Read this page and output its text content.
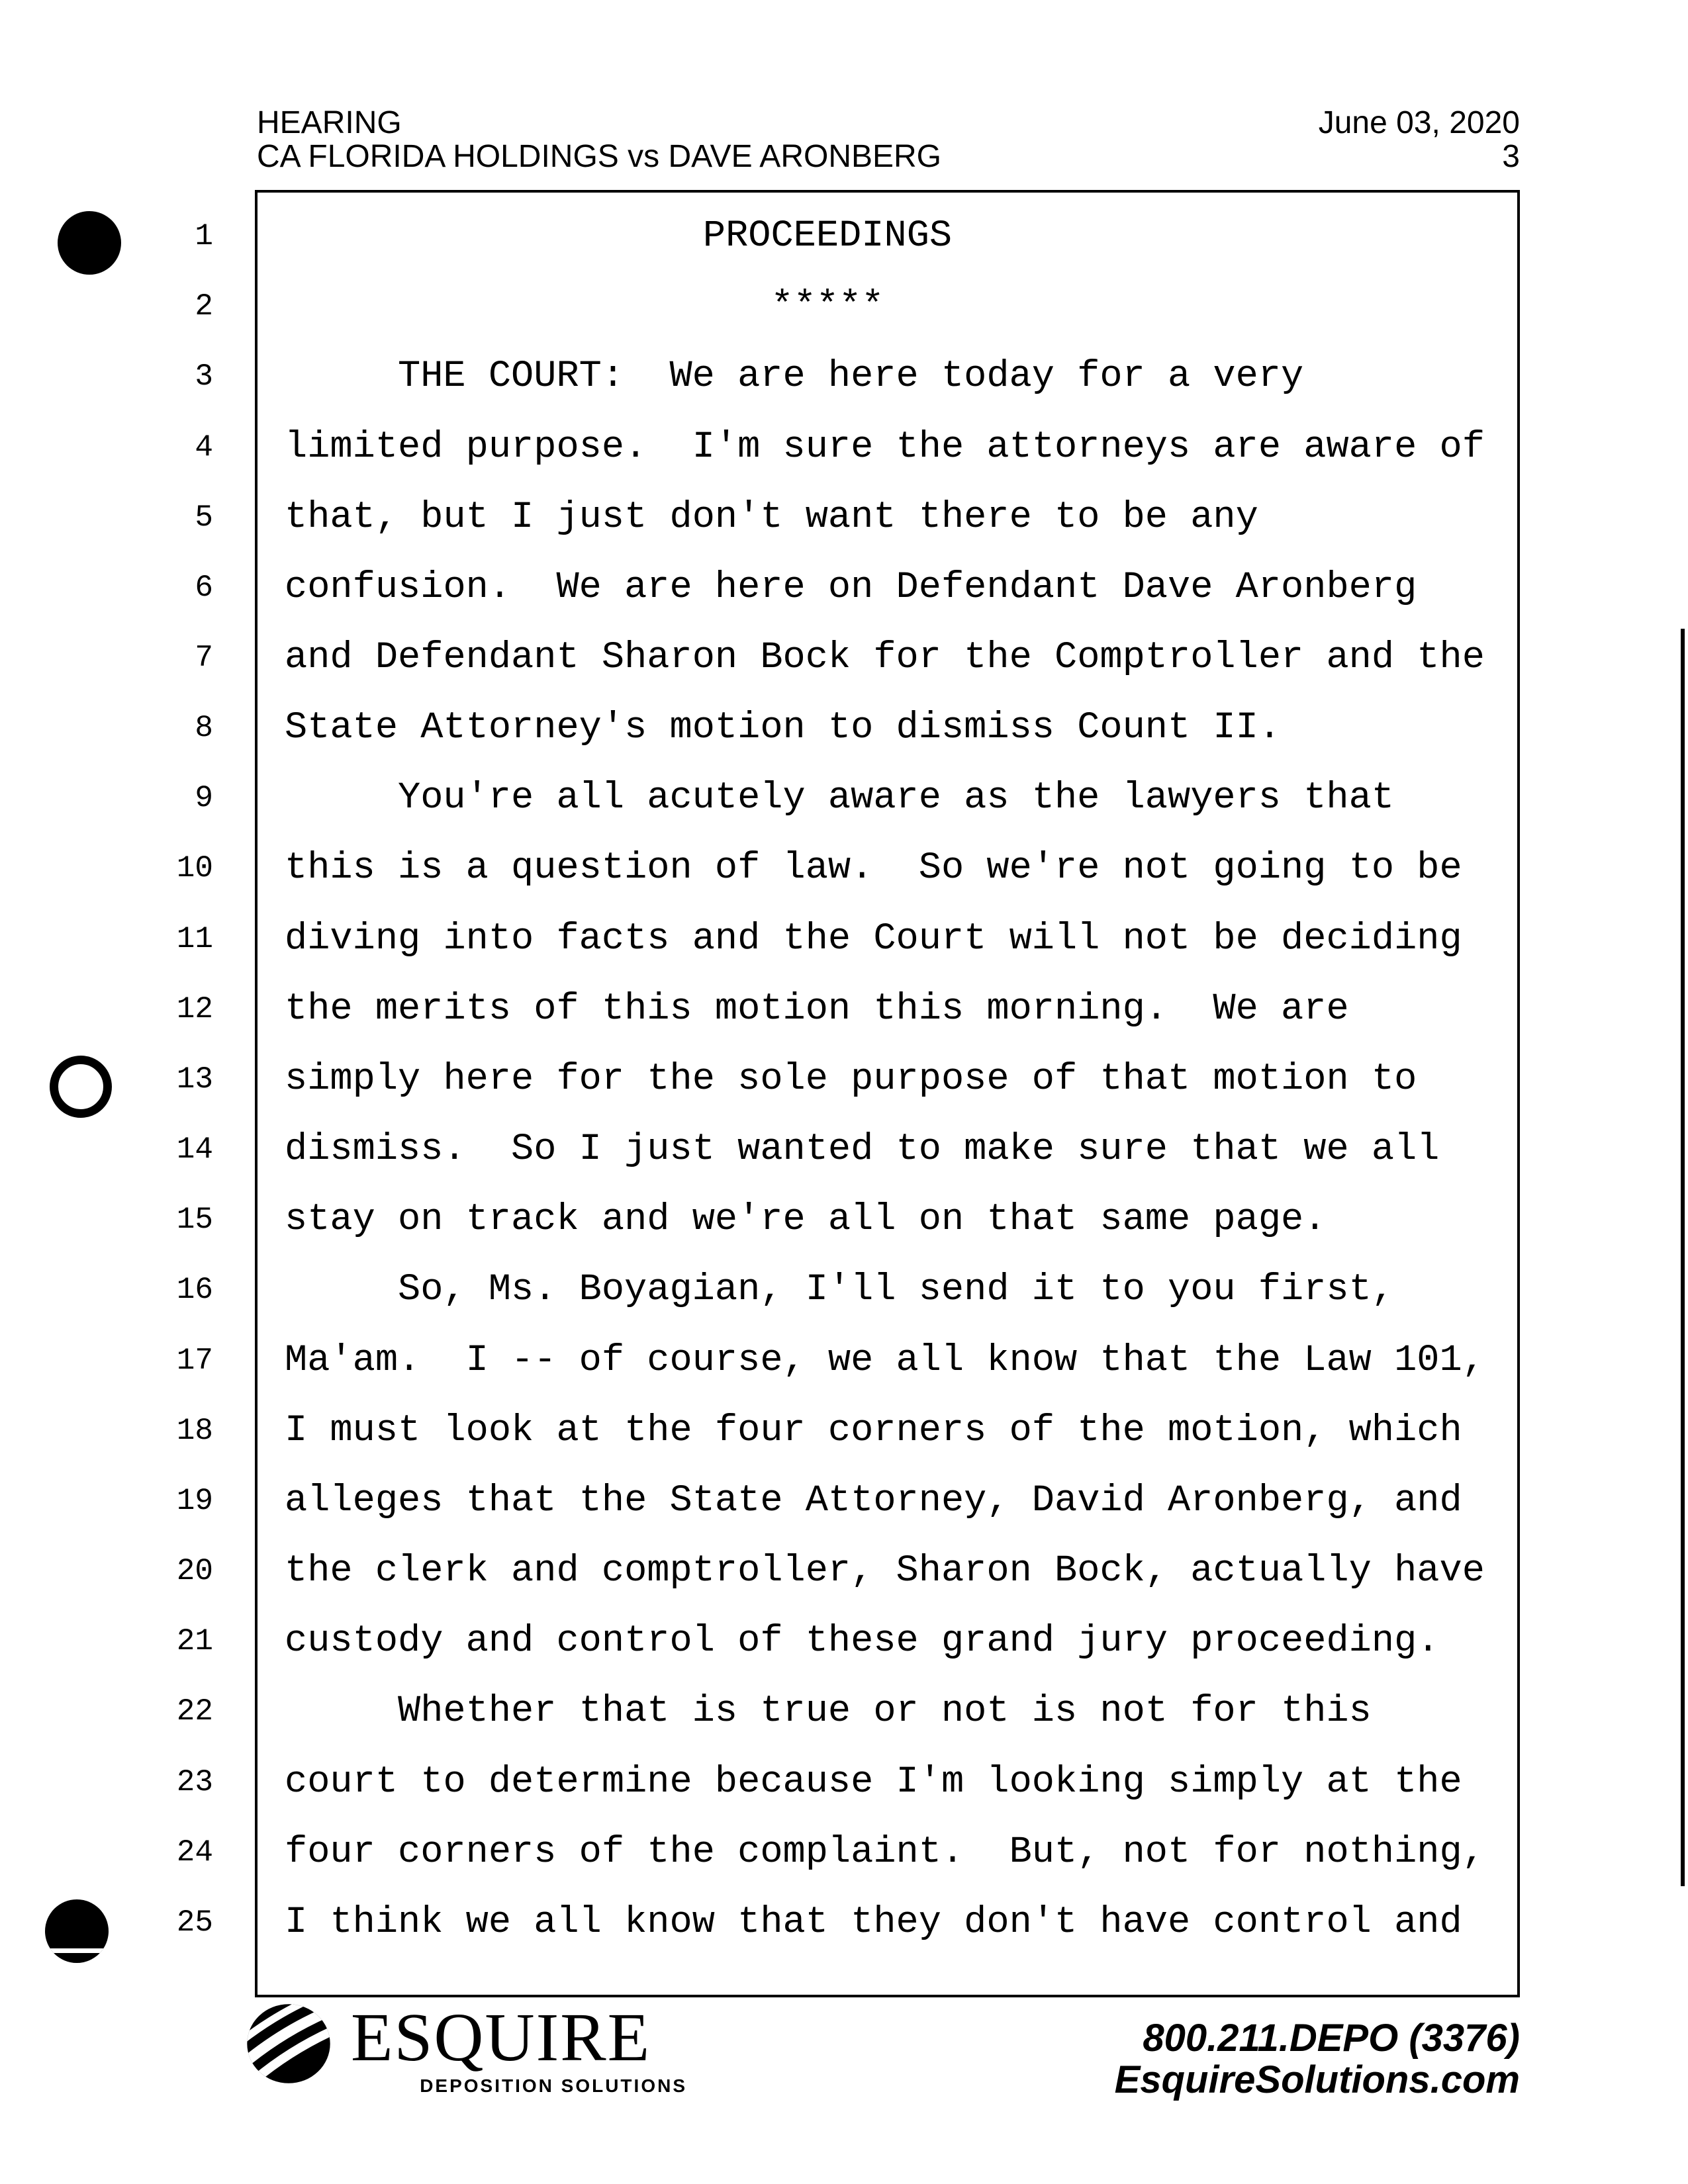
HEARING
CA FLORIDA HOLDINGS vs DAVE ARONBERG
June 03, 2020
3
1	PROCEEDINGS
2	*****
3	THE COURT:  We are here today for a very
4 limited purpose.  I'm sure the attorneys are aware of
5 that, but I just don't want there to be any
6 confusion.  We are here on Defendant Dave Aronberg
7 and Defendant Sharon Bock for the Comptroller and the
8 State Attorney's motion to dismiss Count II.
9	You're all acutely aware as the lawyers that
10 this is a question of law.  So we're not going to be
11 diving into facts and the Court will not be deciding
12 the merits of this motion this morning.  We are
13 simply here for the sole purpose of that motion to
14 dismiss.  So I just wanted to make sure that we all
15 stay on track and we're all on that same page.
16	So, Ms. Boyagian, I'll send it to you first,
17 Ma'am.  I -- of course, we all know that the Law 101,
18 I must look at the four corners of the motion, which
19 alleges that the State Attorney, David Aronberg, and
20 the clerk and comptroller, Sharon Bock, actually have
21 custody and control of these grand jury proceeding.
22	Whether that is true or not is not for this
23 court to determine because I'm looking simply at the
24 four corners of the complaint.  But, not for nothing,
25 I think we all know that they don't have control and
ESQUIRE
DEPOSITION SOLUTIONS
800.211.DEPO (3376)
EsquireSolutions.com
